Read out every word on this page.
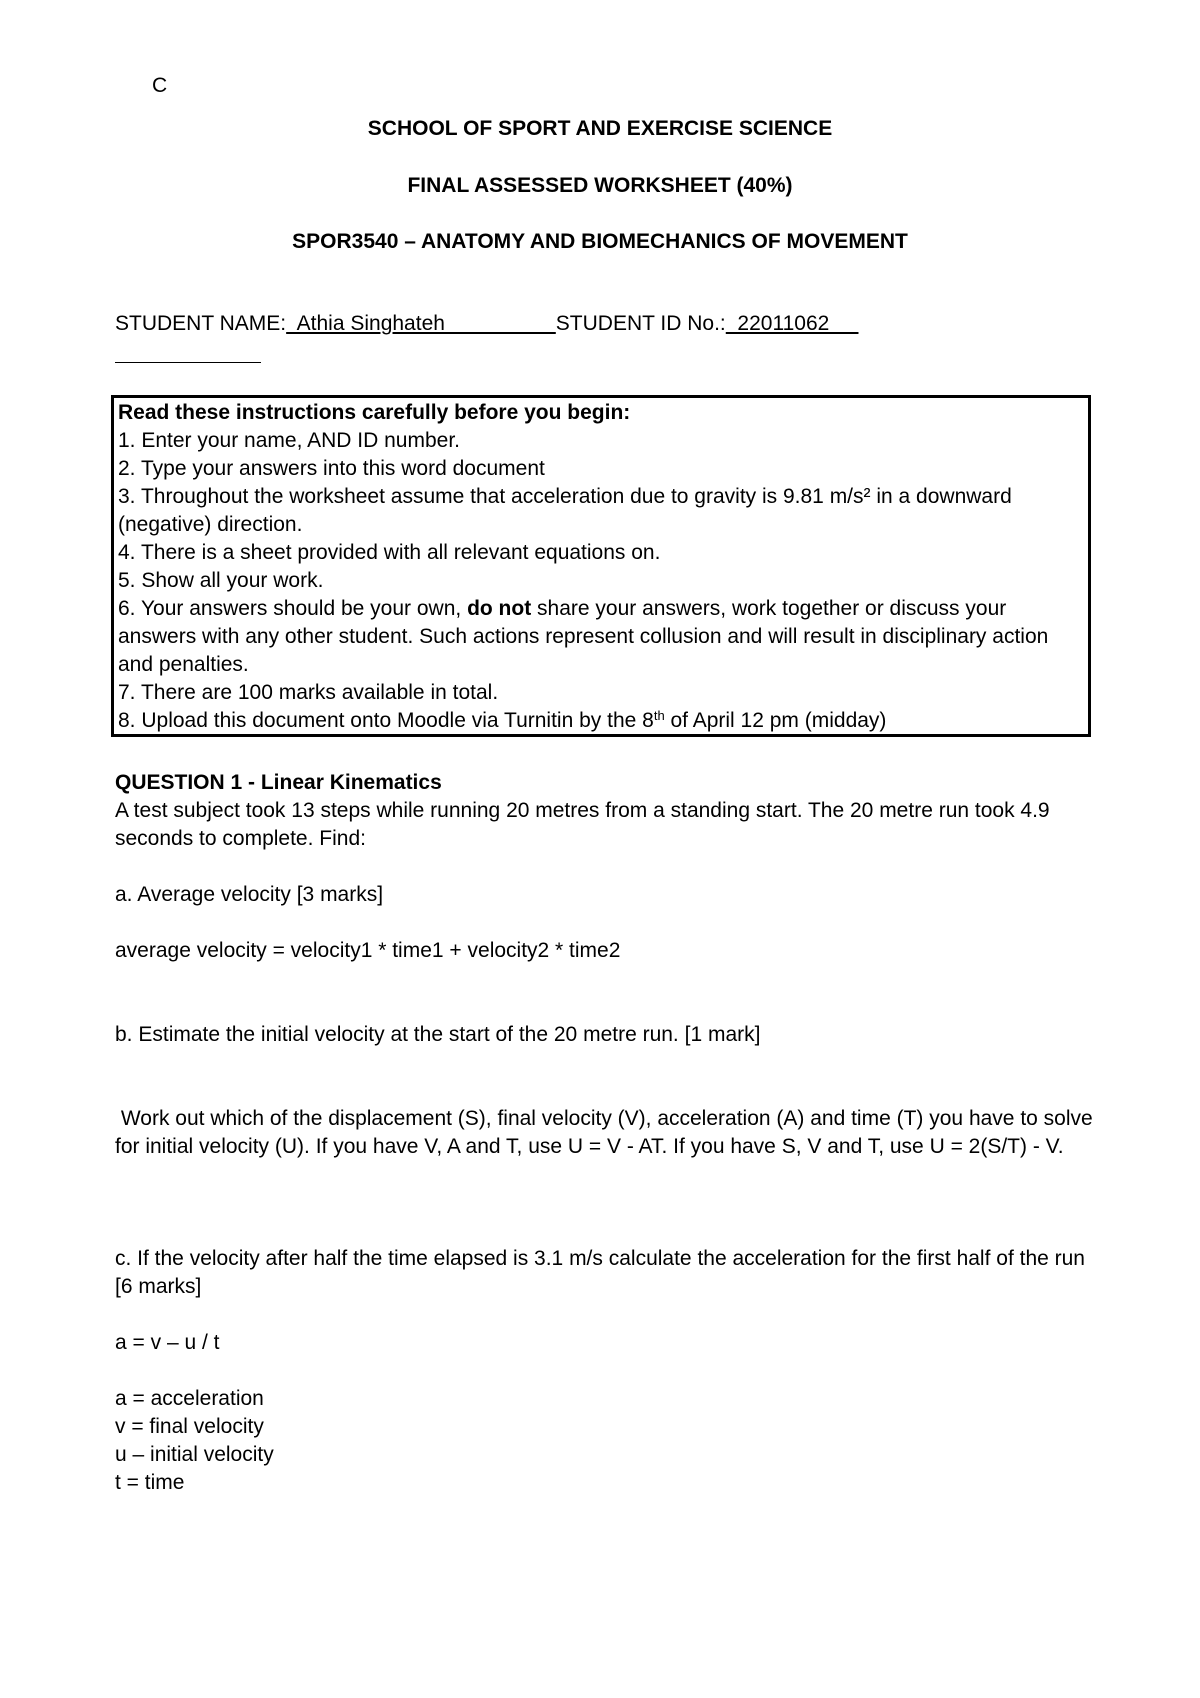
C
SCHOOL OF SPORT AND EXERCISE SCIENCE
FINAL ASSESSED WORKSHEET (40%)
SPOR3540 – ANATOMY AND BIOMECHANICS OF MOVEMENT
STUDENT NAME:  Athia Singhateh                   STUDENT ID No.:  22011062

Read these instructions carefully before you begin:

1. Enter your name, AND ID number.

2. Type your answers into this word document

3. Throughout the worksheet assume that acceleration due to gravity is 9.81 m/s² in a downward (negative) direction.

4. There is a sheet provided with all relevant equations on.

5. Show all your work.

6. Your answers should be your own, do not share your answers, work together or discuss your answers with any other student. Such actions represent collusion and will result in disciplinary action and penalties.

7. There are 100 marks available in total.

8. Upload this document onto Moodle via Turnitin by the 8th of April 12 pm (midday)

QUESTION 1 - Linear Kinematics

A test subject took 13 steps while running 20 metres from a standing start. The 20 metre run took 4.9 seconds to complete. Find:

a. Average velocity [3 marks]

average velocity = velocity1 * time1 + velocity2 * time2

b. Estimate the initial velocity at the start of the 20 metre run. [1 mark]

Work out which of the displacement (S), final velocity (V), acceleration (A) and time (T) you have to solve for initial velocity (U). If you have V, A and T, use U = V - AT. If you have S, V and T, use U = 2(S/T) - V.

c. If the velocity after half the time elapsed is 3.1 m/s calculate the acceleration for the first half of the run [6 marks]

a = v – u / t

a = acceleration

v = final velocity

u – initial velocity

t = time
